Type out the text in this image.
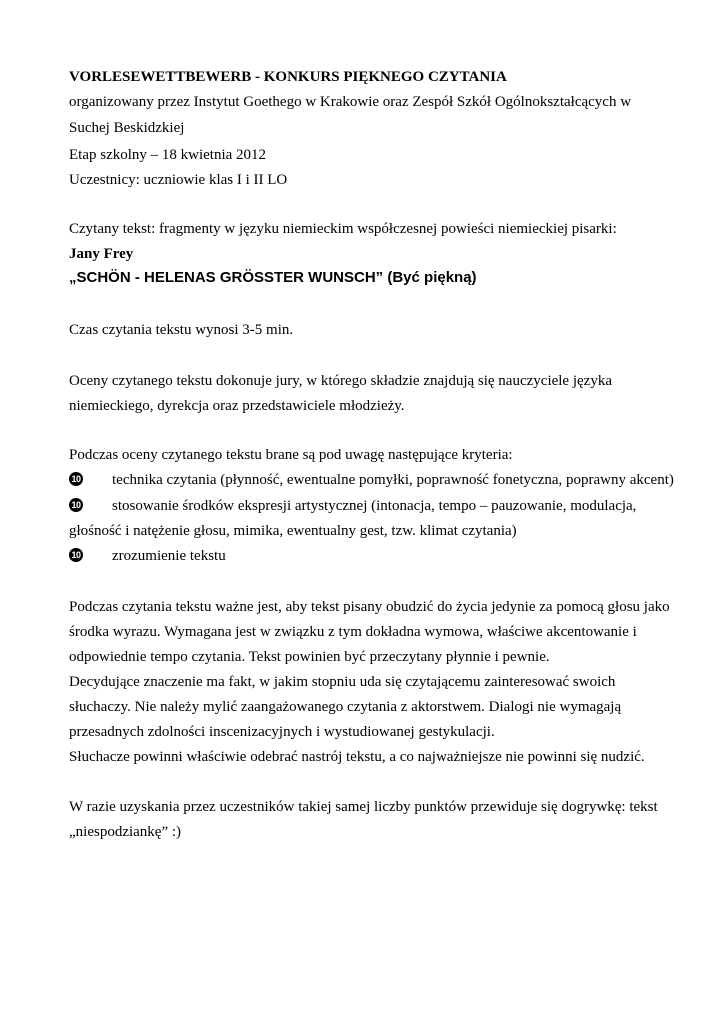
VORLESEWETTBEWERB - KONKURS PIĘKNEGO CZYTANIA
organizowany przez Instytut Goethego w Krakowie oraz Zespół Szkół Ogólnokształcących w
Suchej Beskidzkiej
Etap szkolny – 18 kwietnia 2012
Uczestnicy: uczniowie klas I i II LO
Czytany tekst: fragmenty w języku niemieckim współczesnej powieści niemieckiej pisarki:
Jany Frey
„SCHÖN - HELENAS GRÖSSTER WUNSCH” (Być piękną)
Czas czytania tekstu wynosi 3-5 min.
Oceny czytanego tekstu dokonuje jury, w którego składzie znajdują się nauczyciele języka
niemieckiego, dyrekcja oraz przedstawiciele młodzieży.
Podczas oceny czytanego tekstu brane są pod uwagę następujące kryteria:
10 technika czytania (płynność, ewentualne pomyłki, poprawność fonetyczna, poprawny akcent)
10 stosowanie środków ekspresji artystycznej (intonacja, tempo – pauzowanie, modulacja,
głośność i natężenie głosu, mimika, ewentualny gest, tzw. klimat czytania)
10 zrozumienie tekstu
Podczas czytania tekstu ważne jest, aby tekst pisany obudzić do życia jedynie za pomocą głosu jako
środka wyrazu. Wymagana jest w związku z tym dokładna wymowa, właściwe akcentowanie i
odpowiednie tempo czytania. Tekst powinien być przeczytany płynnie i pewnie.
Decydujące znaczenie ma fakt, w jakim stopniu uda się czytającemu zainteresować swoich
słuchaczy. Nie należy mylić zaangażowanego czytania z aktorstwem. Dialogi nie wymagają
przesadnych zdolności inscenizacyjnych i wystudiowanej gestykulacji.
Słuchacze powinni właściwie odebrać nastrój tekstu, a co najważniejsze nie powinni się nudzić.
W razie uzyskania przez uczestników takiej samej liczby punktów przewiduje się dogrywkę: tekst
„niespodziankę” :)
